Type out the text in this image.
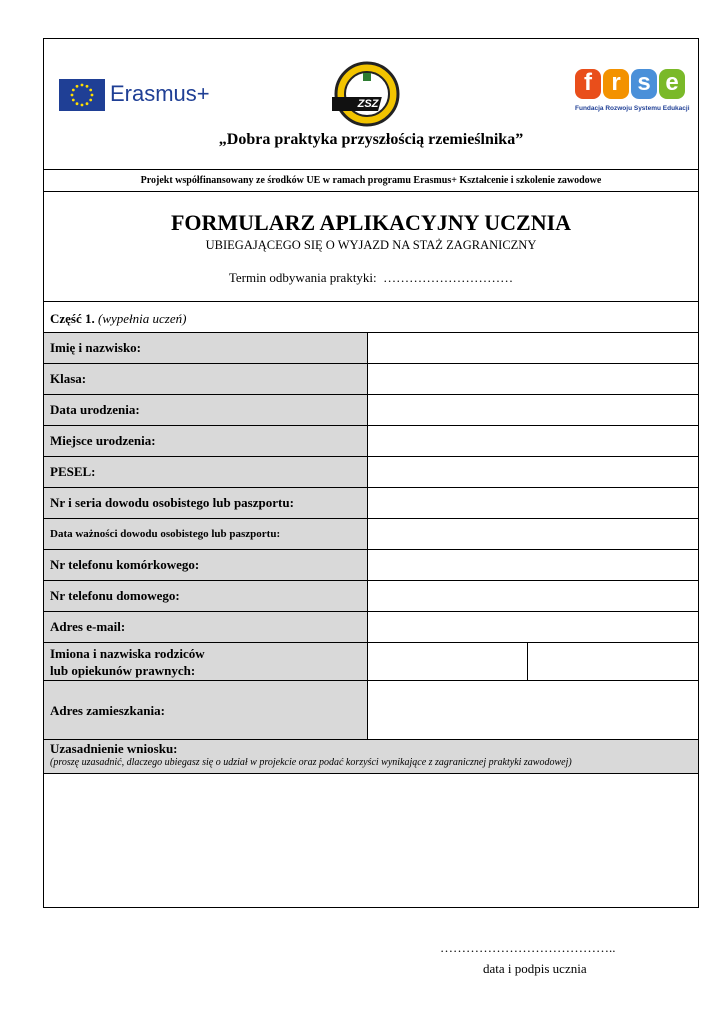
Erasmus+	ZSZ
f r s e
Fundacja Rozwoju Systemu Edukacji
„Dobra praktyka przyszłością rzemieślnika”
Projekt współfinansowany ze środków UE w ramach programu Erasmus+ Kształcenie i szkolenie zawodowe
FORMULARZ APLIKACYJNY UCZNIA
UBIEGAJĄCEGO SIĘ O WYJAZD NA STAŻ ZAGRANICZNY
Termin odbywania praktyki: …………………………
Część 1. (wypełnia uczeń)
Imię i nazwisko:		
Klasa:		
Data urodzenia:		
Miejsce urodzenia:		
PESEL:		
Nr i seria dowodu osobistego lub paszportu:		
Data ważności dowodu osobistego lub paszportu:		
Nr telefonu komórkowego:		
Nr telefonu domowego:		
Adres e-mail:		
Imiona i nazwiska rodziców
lub opiekunów prawnych:		
Adres zamieszkania:		
Uzasadnienie wniosku:
(proszę uzasadnić, dlaczego ubiegasz się o udział w projekcie oraz podać korzyści wynikające z zagranicznej praktyki zawodowej)
…………………………………..
data i podpis ucznia
